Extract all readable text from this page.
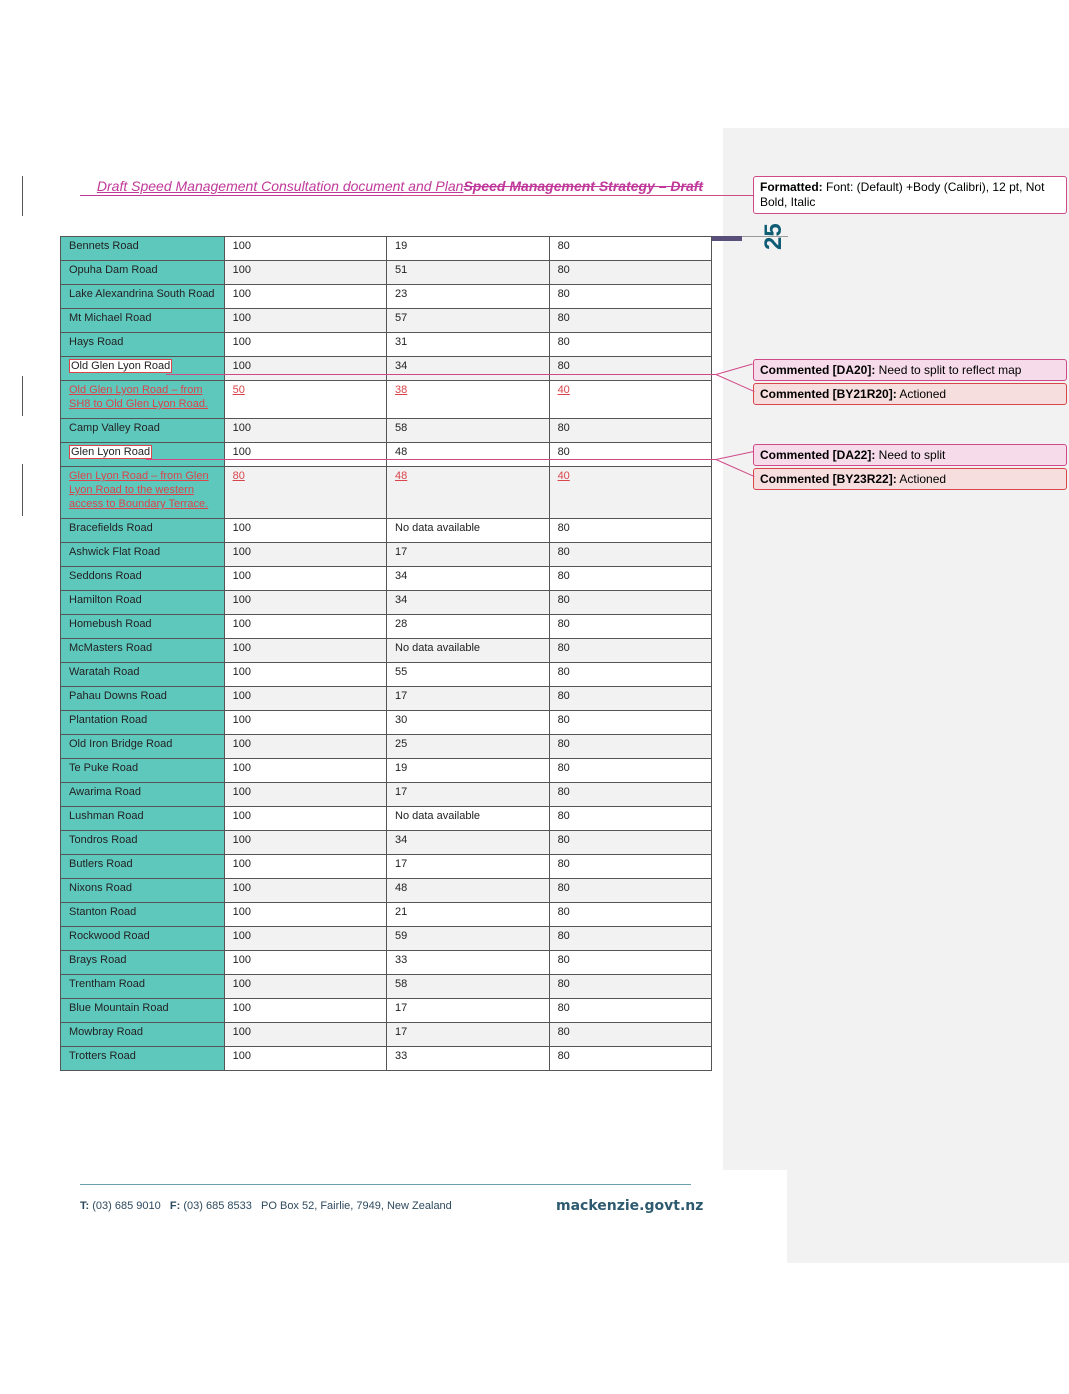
Draft Speed Management Consultation document and PlanSpeed Management Strategy – Draft
25
Bennets Road	100	19	80
Opuha Dam Road	100	51	80
Lake Alexandrina South Road	100	23	80
Mt Michael Road	100	57	80
Hays Road	100	31	80
Old Glen Lyon Road	100	34	80
Old Glen Lyon Road – from SH8 to Old Glen Lyon Road.	50	38	40
Camp Valley Road	100	58	80
Glen Lyon Road	100	48	80
Glen Lyon Road – from Glen Lyon Road to the western access to Boundary Terrace.	80	48	40
Bracefields Road	100	No data available	80
Ashwick Flat Road	100	17	80
Seddons Road	100	34	80
Hamilton Road	100	34	80
Homebush Road	100	28	80
McMasters Road	100	No data available	80
Waratah Road	100	55	80
Pahau Downs Road	100	17	80
Plantation Road	100	30	80
Old Iron Bridge Road	100	25	80
Te Puke Road	100	19	80
Awarima Road	100	17	80
Lushman Road	100	No data available	80
Tondros Road	100	34	80
Butlers Road	100	17	80
Nixons Road	100	48	80
Stanton Road	100	21	80
Rockwood Road	100	59	80
Brays Road	100	33	80
Trentham Road	100	58	80
Blue Mountain Road	100	17	80
Mowbray Road	100	17	80
Trotters Road	100	33	80
Formatted: Font: (Default) +Body (Calibri), 12 pt, Not Bold, Italic
Commented [DA20]: Need to split to reflect map
Commented [BY21R20]: Actioned
Commented [DA22]: Need to split
Commented [BY23R22]: Actioned
T: (03) 685 9010 F: (03) 685 8533 PO Box 52, Fairlie, 7949, New Zealand	mackenzie.govt.nz
